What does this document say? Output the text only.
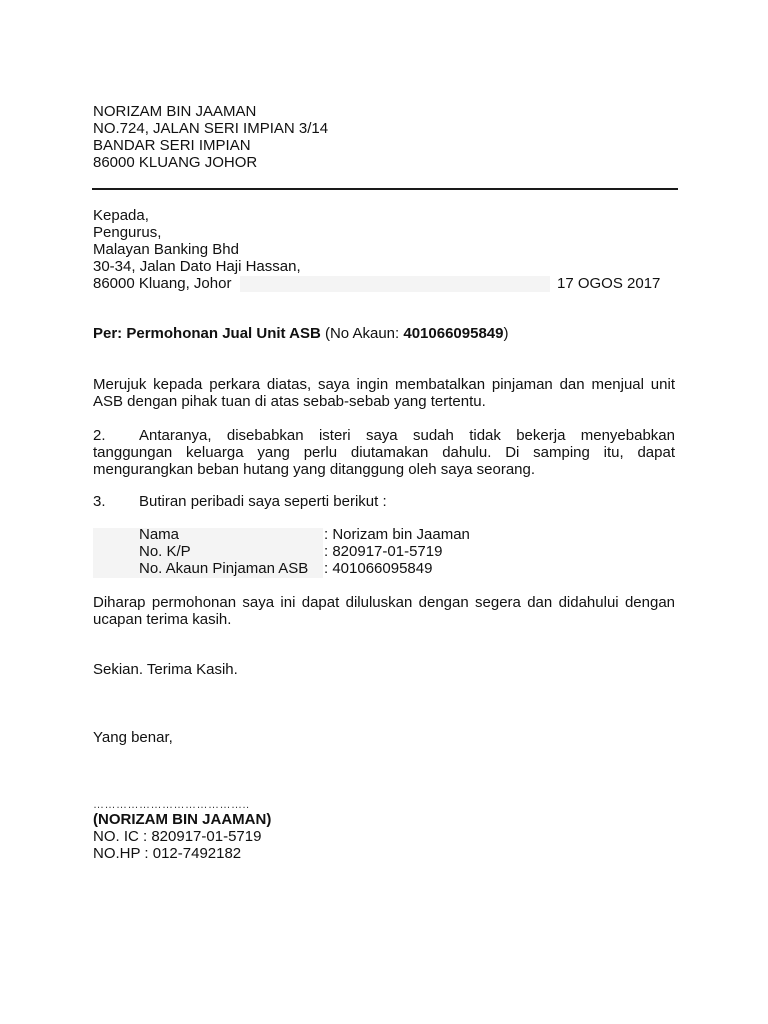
NORIZAM BIN JAAMAN
NO.724, JALAN SERI IMPIAN 3/14
BANDAR SERI IMPIAN
86000 KLUANG JOHOR
Kepada,
Pengurus,
Malayan Banking Bhd
30-34, Jalan Dato Haji Hassan,
86000 Kluang, Johor	17 OGOS 2017
Per: Permohonan Jual Unit ASB (No Akaun: 401066095849)
Merujuk kepada perkara diatas, saya ingin membatalkan pinjaman dan menjual unit ASB dengan pihak tuan di atas sebab-sebab yang tertentu.
2. Antaranya, disebabkan isteri saya sudah tidak bekerja menyebabkan tanggungan keluarga yang perlu diutamakan dahulu. Di samping itu, dapat mengurangkan beban hutang yang ditanggung oleh saya seorang.
3. Butiran peribadi saya seperti berikut :
Nama	: Norizam bin Jaaman
No. K/P	: 820917-01-5719
No. Akaun Pinjaman ASB : 401066095849
Diharap permohonan saya ini dapat diluluskan dengan segera dan didahului dengan ucapan terima kasih.
Sekian. Terima Kasih.
Yang benar,
…………………………………..
(NORIZAM BIN JAAMAN)
NO. IC : 820917-01-5719
NO.HP : 012-7492182
